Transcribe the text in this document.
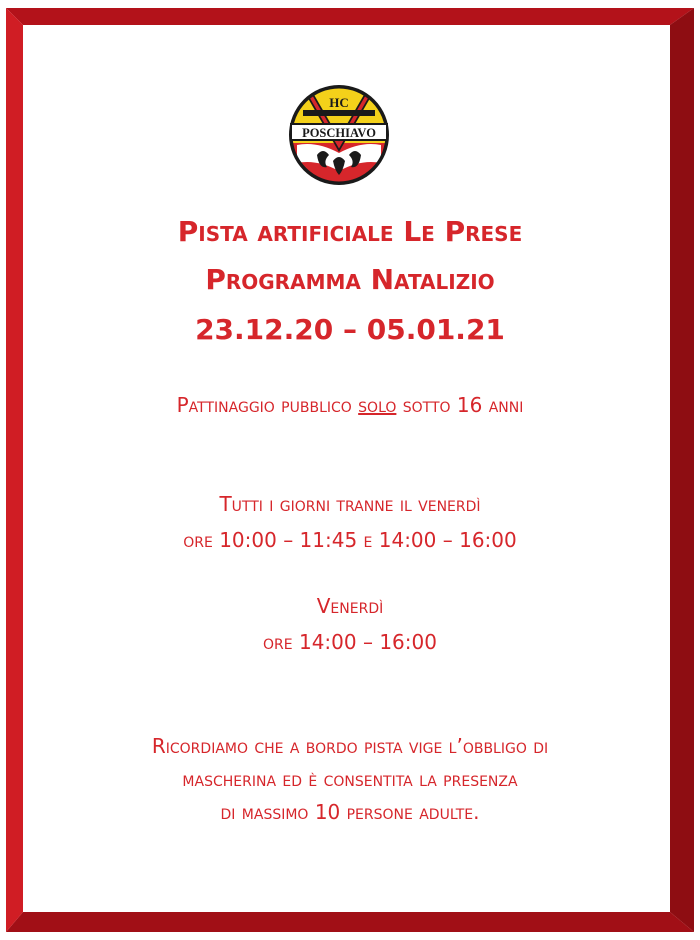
HC
POSCHIAVO
Pista artificiale Le Prese
Programma Natalizio
23.12.20 – 05.01.21
Pattinaggio pubblico solo sotto 16 anni
Tutti i giorni tranne il venerdì
ore 10:00 – 11:45 e 14:00 – 16:00
Venerdì
ore 14:00 – 16:00
Ricordiamo che a bordo pista vige l’obbligo di
mascherina ed è consentita la presenza
di massimo 10 persone adulte.
